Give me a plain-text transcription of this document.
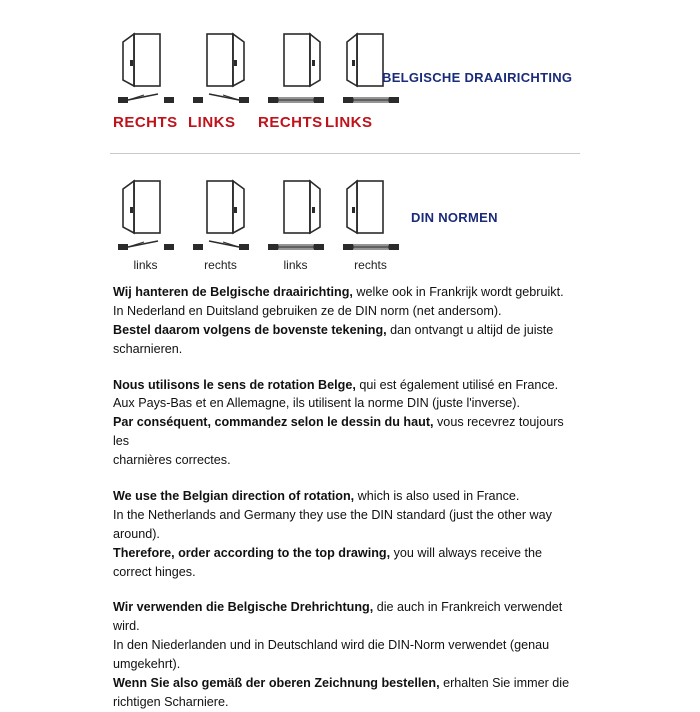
BELGISCHE DRAAIRICHTING
RECHTS LINKS RECHTS LINKS
links	rechts	links	rechts
DIN NORMEN
Wij hanteren de Belgische draairichting, welke ook in Frankrijk wordt gebruikt.
In Nederland en Duitsland gebruiken ze de DIN norm (net andersom).
Bestel daarom volgens de bovenste tekening, dan ontvangt u altijd de juiste
scharnieren.
Nous utilisons le sens de rotation Belge, qui est également utilisé en France.
Aux Pays-Bas et en Allemagne, ils utilisent la norme DIN (juste l'inverse).
Par conséquent, commandez selon le dessin du haut, vous recevrez toujours les
charnières correctes.
We use the Belgian direction of rotation, which is also used in France.
In the Netherlands and Germany they use the DIN standard (just the other way
around).
Therefore, order according to the top drawing, you will always receive the
correct hinges.
Wir verwenden die Belgische Drehrichtung, die auch in Frankreich verwendet
wird.
In den Niederlanden und in Deutschland wird die DIN-Norm verwendet (genau
umgekehrt).
Wenn Sie also gemäß der oberen Zeichnung bestellen, erhalten Sie immer die
richtigen Scharniere.
